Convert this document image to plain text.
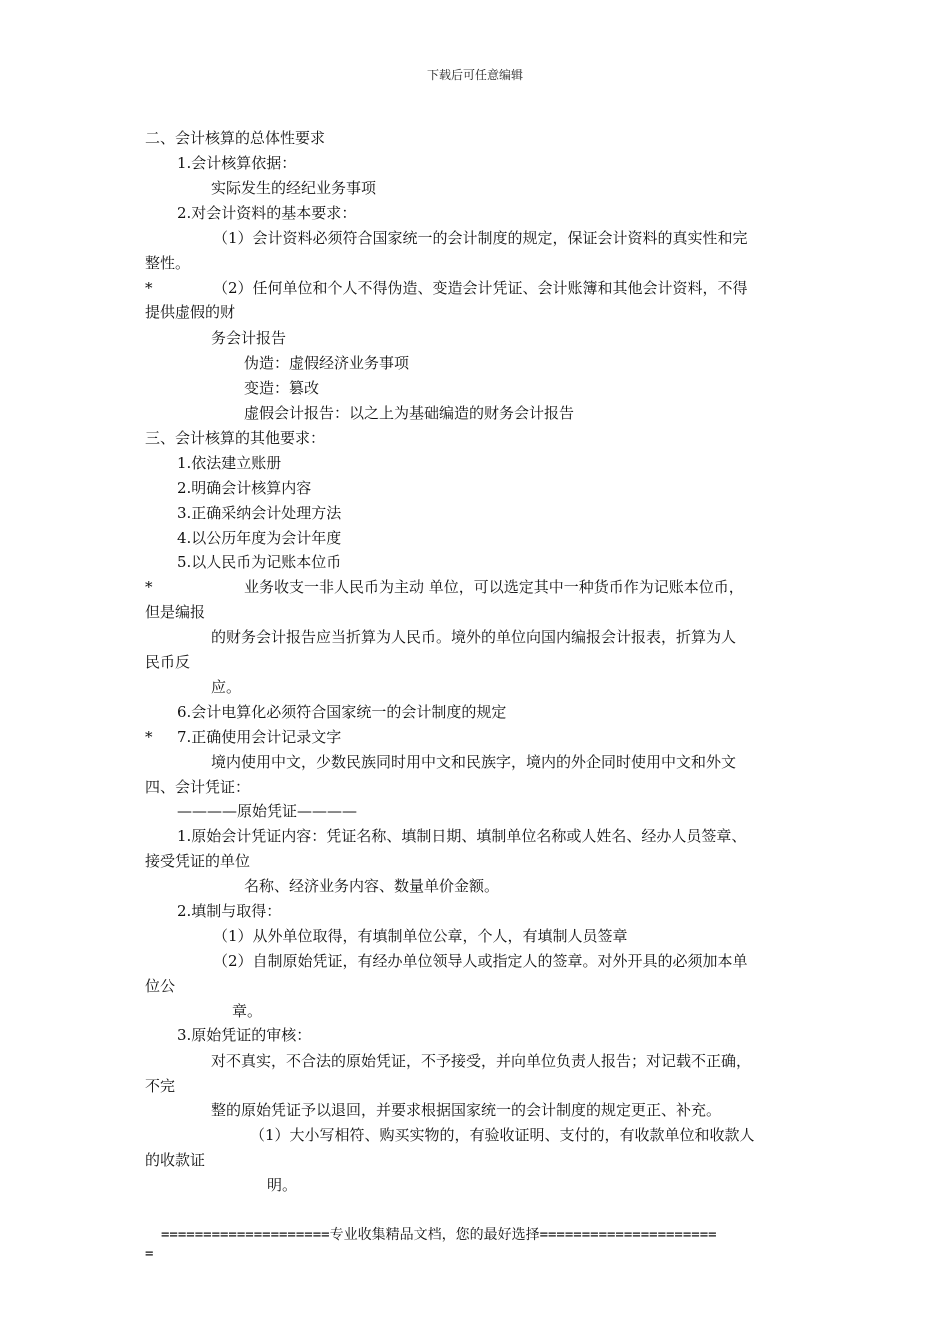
下载后可任意编辑
二、会计核算的总体性要求
1.会计核算依据：
实际发生的经纪业务事项
2.对会计资料的基本要求：
（1）会计资料必须符合国家统一的会计制度的规定，保证会计资料的真实性和完
整性。
*	（2）任何单位和个人不得伪造、变造会计凭证、会计账簿和其他会计资料，不得
提供虚假的财
务会计报告
伪造：虚假经济业务事项
变造：篡改
虚假会计报告：以之上为基础编造的财务会计报告
三、会计核算的其他要求：
1.依法建立账册
2.明确会计核算内容
3.正确采纳会计处理方法
4.以公历年度为会计年度
5.以人民币为记账本位币
*	业务收支一非人民币为主动 单位，可以选定其中一种货币作为记账本位币，
但是编报
的财务会计报告应当折算为人民币。境外的单位向国内编报会计报表，折算为人
民币反
应。
6.会计电算化必须符合国家统一的会计制度的规定
* 7.正确使用会计记录文字
境内使用中文，少数民族同时用中文和民族字，境内的外企同时使用中文和外文
四、会计凭证：
————原始凭证————
1.原始会计凭证内容：凭证名称、填制日期、填制单位名称或人姓名、经办人员签章、
接受凭证的单位
名称、经济业务内容、数量单价金额。
2.填制与取得：
（1）从外单位取得，有填制单位公章，个人，有填制人员签章
（2）自制原始凭证，有经办单位领导人或指定人的签章。对外开具的必须加本单
位公
章。
3.原始凭证的审核：
对不真实，不合法的原始凭证，不予接受，并向单位负责人报告；对记载不正确，
不完
整的原始凭证予以退回，并要求根据国家统一的会计制度的规定更正、补充。
（1）大小写相符、购买实物的，有验收证明、支付的，有收款单位和收款人
的收款证
明。
====================专业收集精品文档，您的最好选择=====================
=
